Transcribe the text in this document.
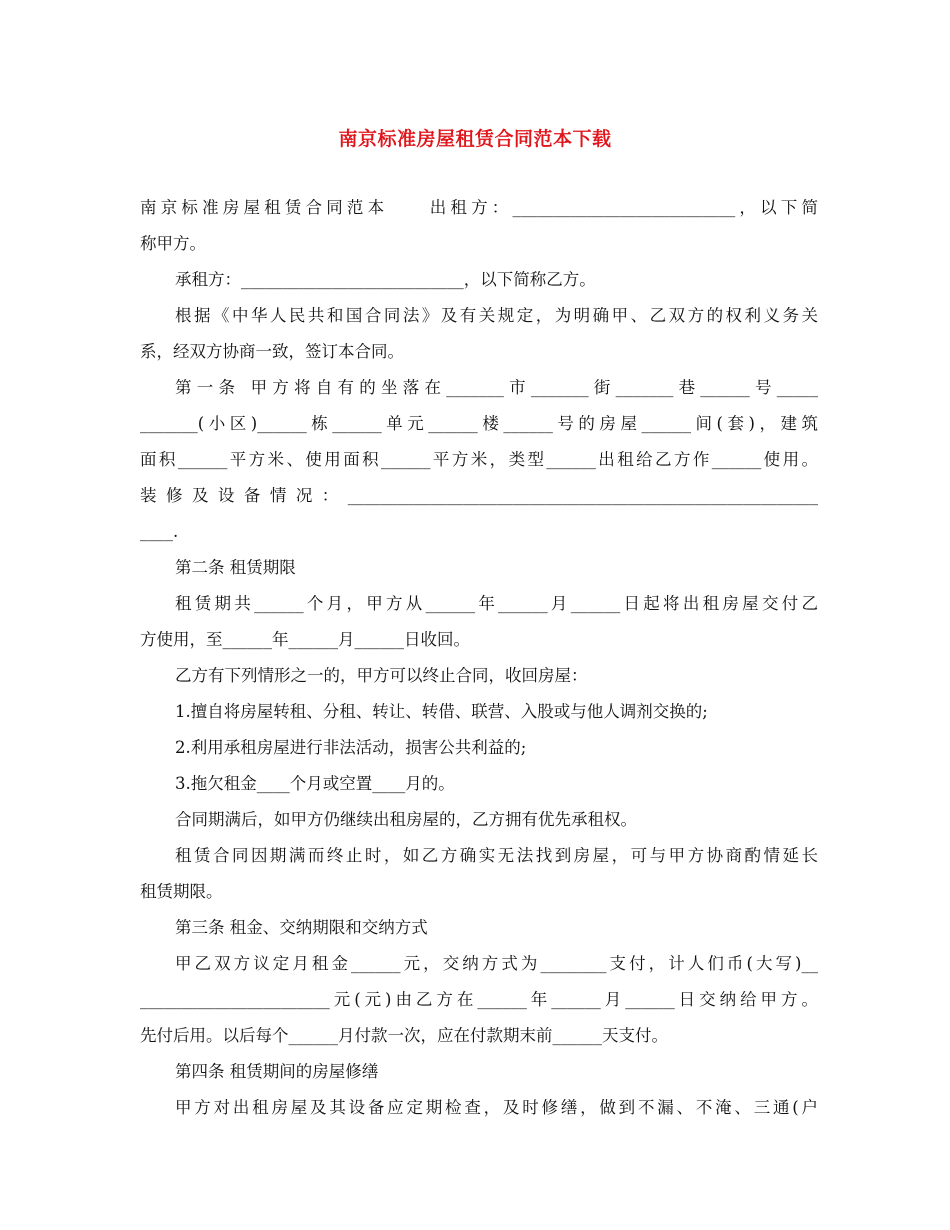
南京标准房屋租赁合同范本下载
南京标准房屋租赁合同范本　　出租方：___________________________，以下简
称甲方。
承租方：___________________________，以下简称乙方。
根据《中华人民共和国合同法》及有关规定，为明确甲、乙双方的权利义务关
系，经双方协商一致，签订本合同。
第一条 甲方将自有的坐落在_______市_______街_______巷______号_____
_______(小区)______栋______单元______楼______号的房屋______间(套)，建筑
面积______平方米、使用面积______平方米，类型______出租给乙方作______使用。
装修及设备情况：_________________________________________________________
____.
第二条 租赁期限
租赁期共______个月，甲方从______年______月______日起将出租房屋交付乙
方使用，至______年______月______日收回。
乙方有下列情形之一的，甲方可以终止合同，收回房屋：
1.擅自将房屋转租、分租、转让、转借、联营、入股或与他人调剂交换的;
2.利用承租房屋进行非法活动，损害公共利益的;
3.拖欠租金____个月或空置____月的。
合同期满后，如甲方仍继续出租房屋的，乙方拥有优先承租权。
租赁合同因期满而终止时，如乙方确实无法找到房屋，可与甲方协商酌情延长
租赁期限。
第三条 租金、交纳期限和交纳方式
甲乙双方议定月租金______元，交纳方式为________支付，计人们币(大写)__
_______________________元(元)由乙方在______年______月______日交纳给甲方。
先付后用。以后每个______月付款一次，应在付款期末前______天支付。
第四条 租赁期间的房屋修缮
甲方对出租房屋及其设备应定期检查，及时修缮，做到不漏、不淹、三通(户
